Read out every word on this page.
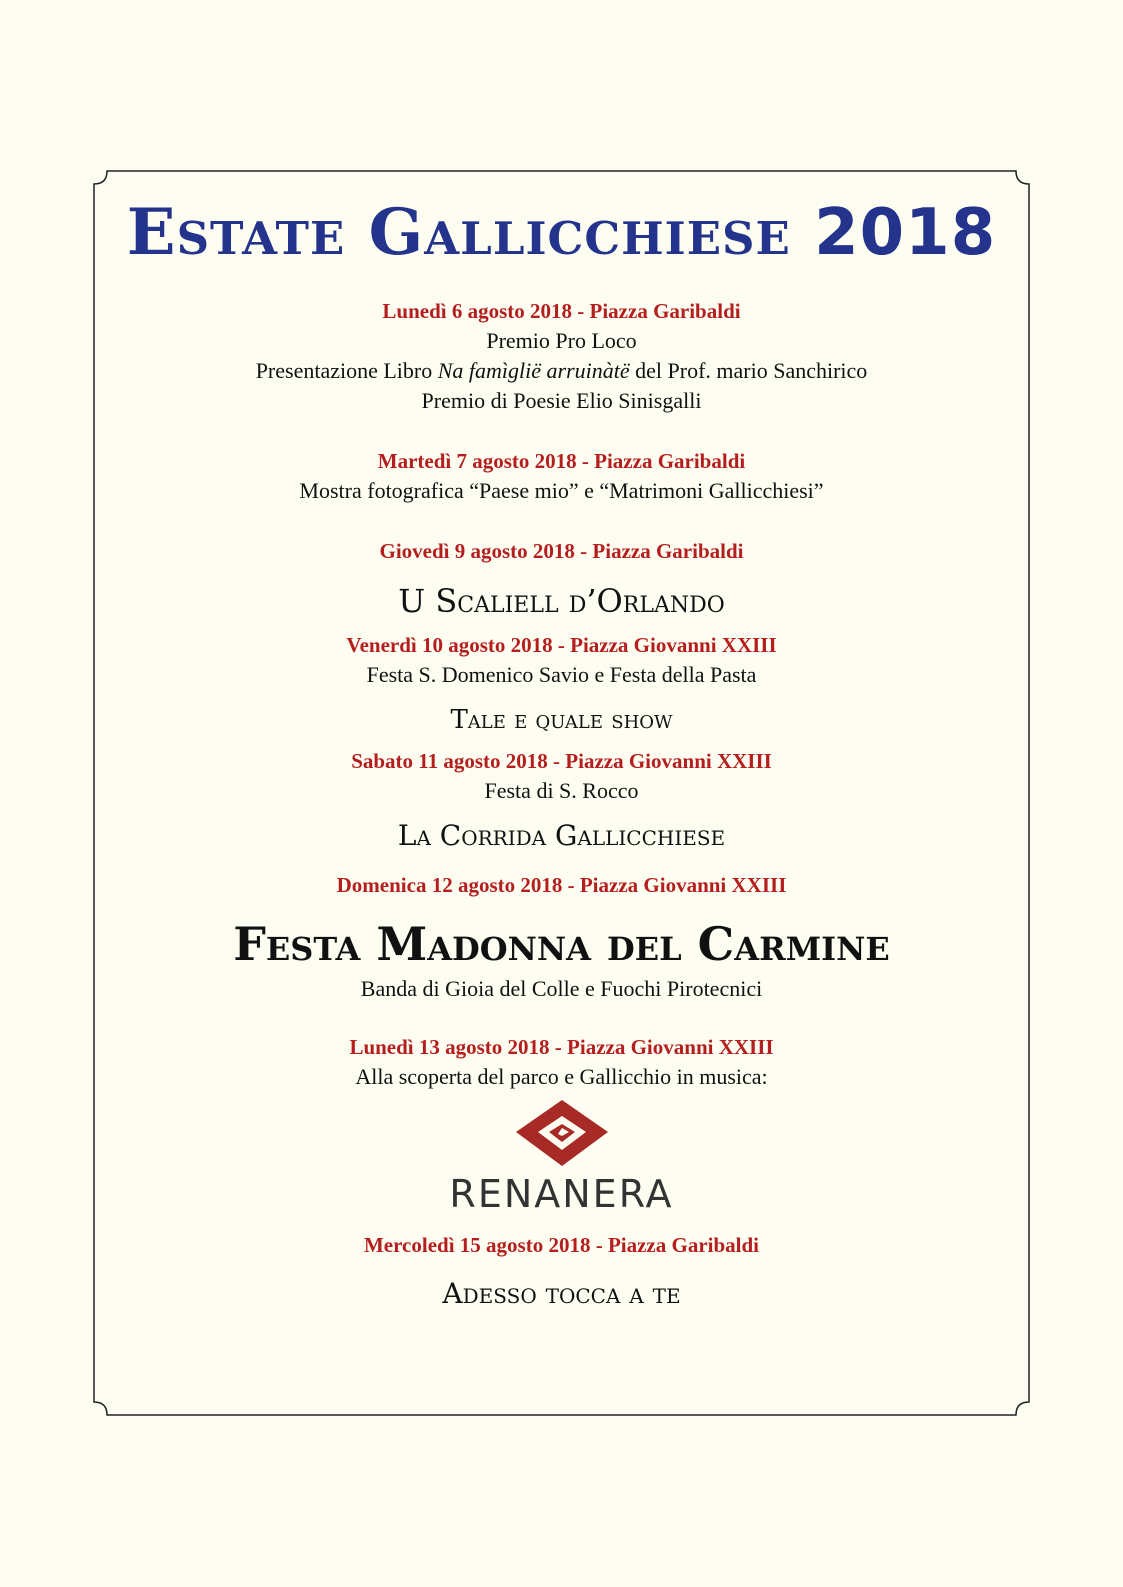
Estate Gallicchiese 2018

Lunedì 6 agosto 2018 - Piazza Garibaldi

Premio Pro Loco

Presentazione Libro Na famìgliё arruinàtё del Prof. mario Sanchirico

Premio di Poesie Elio Sinisgalli

Martedì 7 agosto 2018 - Piazza Garibaldi

Mostra fotografica “Paese mio” e “Matrimoni Gallicchiesi”

Giovedì 9 agosto 2018 - Piazza Garibaldi

U Scaliell d’Orlando

Venerdì 10 agosto 2018 - Piazza Giovanni XXIII

Festa S. Domenico Savio e Festa della Pasta

Tale e quale show

Sabato 11 agosto 2018 - Piazza Giovanni XXIII

Festa di S. Rocco

La Corrida Gallicchiese

Domenica 12 agosto 2018 - Piazza Giovanni XXIII

Festa Madonna del Carmine

Banda di Gioia del Colle e Fuochi Pirotecnici

Lunedì 13 agosto 2018 - Piazza Giovanni XXIII

Alla scoperta del parco e Gallicchio in musica:

RENANERA

Mercoledì 15 agosto 2018 - Piazza Garibaldi

Adesso tocca a te
